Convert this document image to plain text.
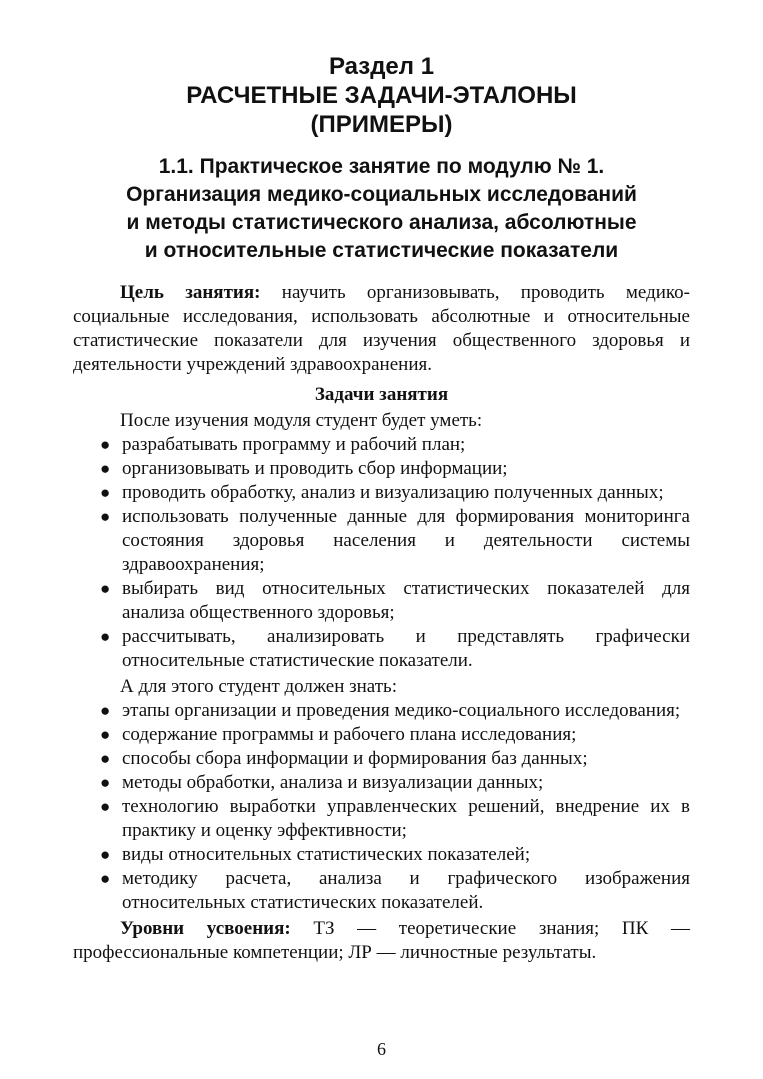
Раздел 1
РАСЧЕТНЫЕ ЗАДАЧИ-ЭТАЛОНЫ
(ПРИМЕРЫ)
1.1. Практическое занятие по модулю № 1.
Организация медико-социальных исследований
и методы статистического анализа, абсолютные
и относительные статистические показатели

Цель занятия: научить организовывать, проводить медико-социальные исследования, использовать абсолютные и относительные статистические показатели для изучения общественного здоровья и деятельности учреждений здравоохранения.

Задачи занятия

После изучения модуля студент будет уметь:

● разрабатывать программу и рабочий план;
● организовывать и проводить сбор информации;
● проводить обработку, анализ и визуализацию полученных данных;
● использовать полученные данные для формирования мониторинга состояния здоровья населения и деятельности системы здравоохранения;
● выбирать вид относительных статистических показателей для анализа общественного здоровья;
● рассчитывать, анализировать и представлять графически относительные статистические показатели.

А для этого студент должен знать:

● этапы организации и проведения медико-социального исследования;
● содержание программы и рабочего плана исследования;
● способы сбора информации и формирования баз данных;
● методы обработки, анализа и визуализации данных;
● технологию выработки управленческих решений, внедрение их в практику и оценку эффективности;
● виды относительных статистических показателей;
● методику расчета, анализа и графического изображения относительных статистических показателей.

Уровни усвоения: ТЗ — теоретические знания; ПК — профессиональные компетенции; ЛР — личностные результаты.

6
